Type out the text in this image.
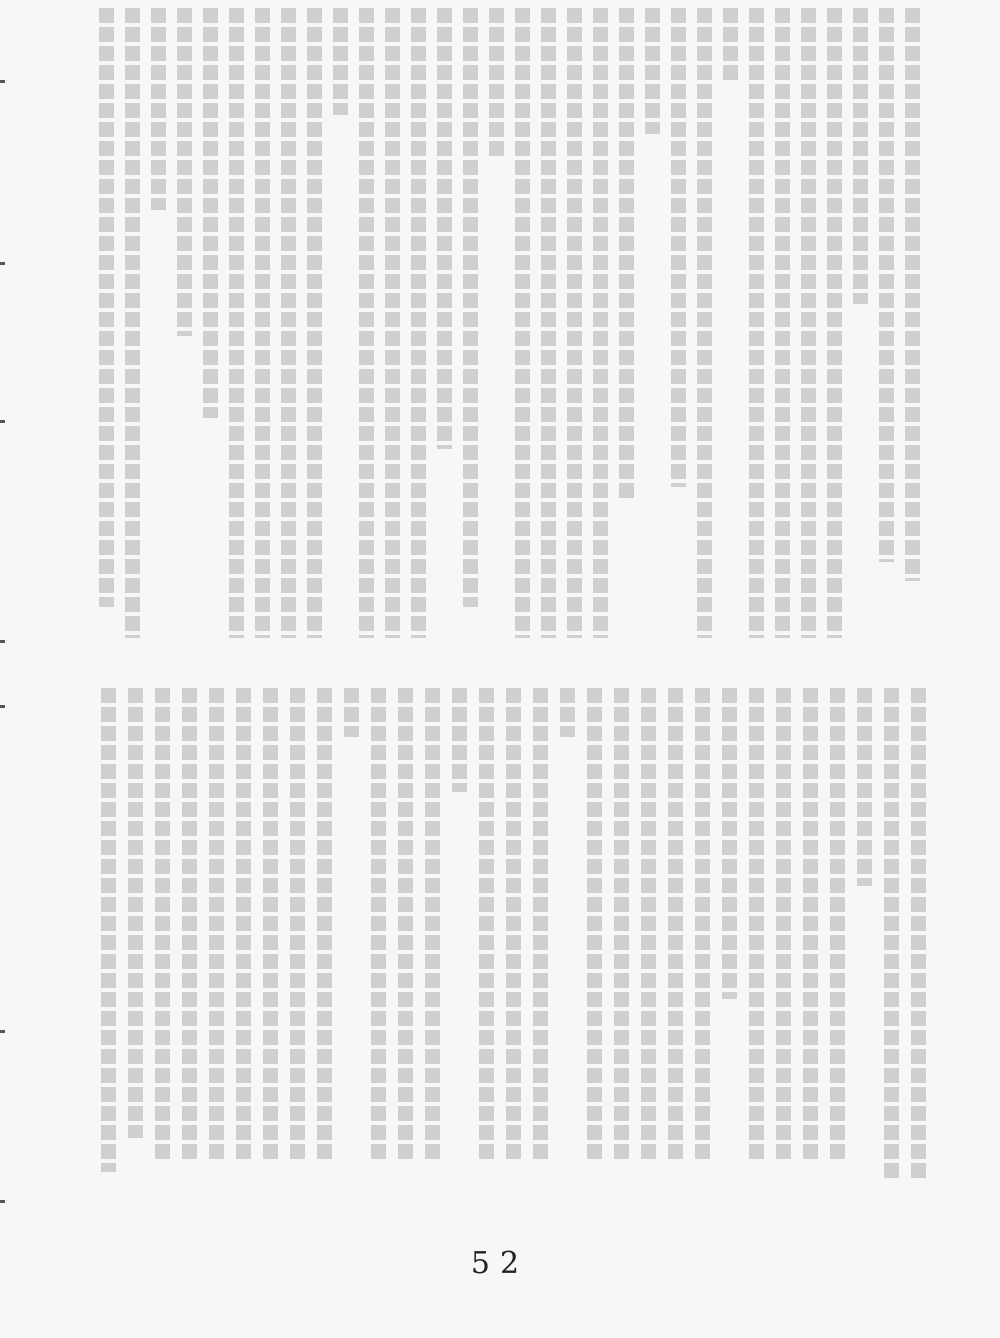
52
